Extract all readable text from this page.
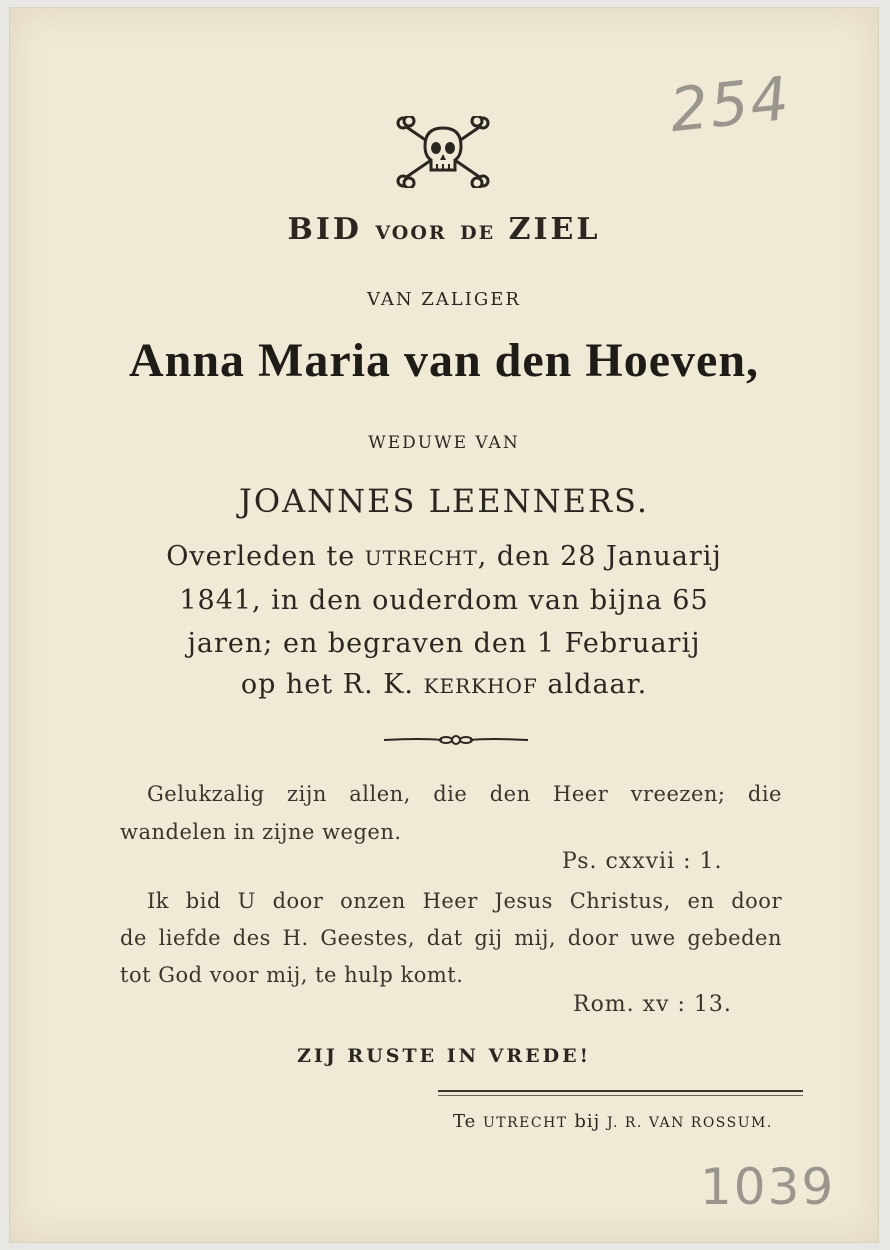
254
BID VOOR DE ZIEL
VAN ZALIGER
Anna Maria van den Hoeven,
WEDUWE VAN
JOANNES LEENNERS.
Overleden te UTRECHT, den 28 Januarij
1841, in den ouderdom van bijna 65
jaren; en begraven den 1 Februarij
op het R. K. KERKHOF aldaar.
Gelukzalig zijn allen, die den Heer vreezen; die
wandelen in zijne wegen.
Ps. cxxvii : 1.
Ik bid U door onzen Heer Jesus Christus, en door
de liefde des H. Geestes, dat gij mij, door uwe gebeden
tot God voor mij, te hulp komt.
Rom. xv : 13.
ZIJ RUSTE IN VREDE!
Te UTRECHT bij J. R. VAN ROSSUM.
1039
